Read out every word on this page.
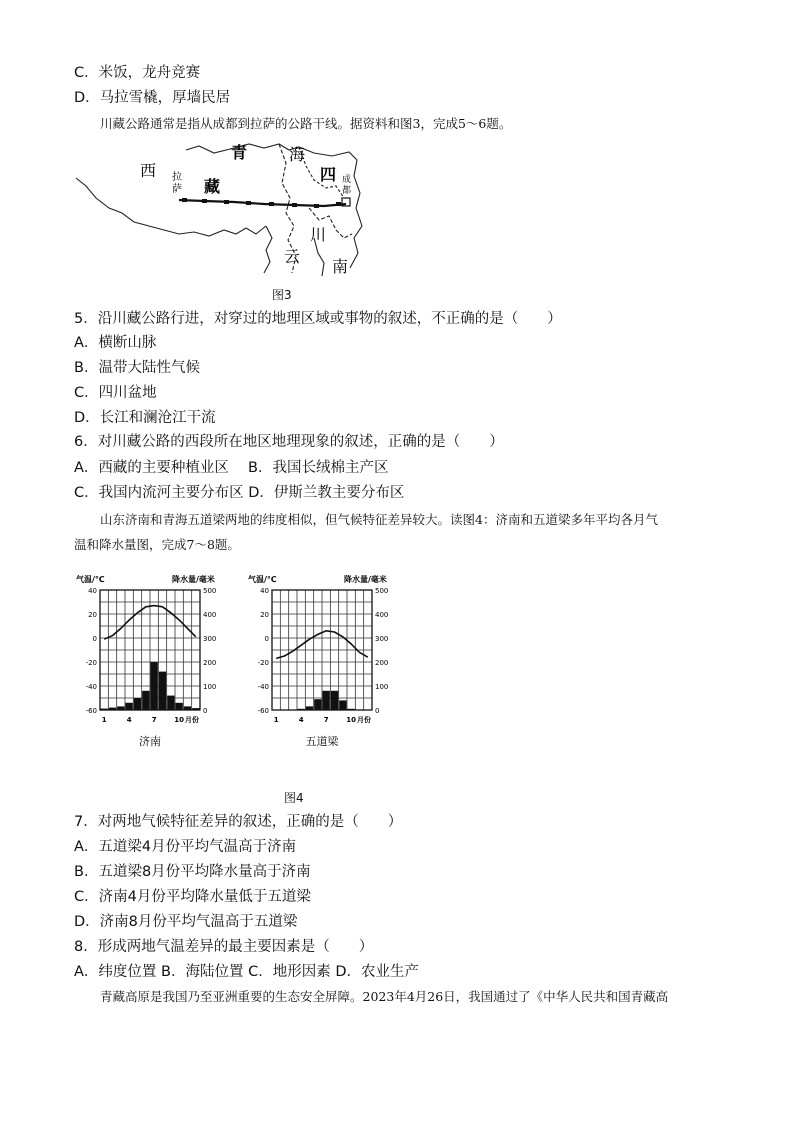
C．米饭，龙舟竞赛
D．马拉雪橇，厚墙民居
川藏公路通常是指从成都到拉萨的公路干线。据资料和图3，完成5～6题。
西
青	海
四
拉
萨 藏	成
都
川
云
南
图3
5．沿川藏公路行进，对穿过的地理区域或事物的叙述，不正确的是（　　）
A．横断山脉
B．温带大陆性气候
C．四川盆地
D．长江和澜沧江干流
6．对川藏公路的西段所在地区地理现象的叙述，正确的是（　　）
A．西藏的主要种植业区　 B．我国长绒棉主产区
C．我国内流河主要分布区 D．伊斯兰教主要分布区
山东济南和青海五道梁两地的纬度相似，但气候特征差异较大。读图4：济南和五道梁多年平均各月气
温和降水量图，完成7～8题。
气温/℃	降水量/毫米
40
20
0
-20
-40
-60
500
400
300
200
100
0
1	4	7	10 月份
济南
气温/℃	降水量/毫米
40
20
0
-20
-40
-60
500
400
300
200
100
0
1	4	7	10 月份
五道梁
图4
7．对两地气候特征差异的叙述，正确的是（　　）
A．五道梁4月份平均气温高于济南
B．五道梁8月份平均降水量高于济南
C．济南4月份平均降水量低于五道梁
D．济南8月份平均气温高于五道梁
8．形成两地气温差异的最主要因素是（　　）
A．纬度位置 B．海陆位置 C．地形因素 D．农业生产
青藏高原是我国乃至亚洲重要的生态安全屏障。2023年4月26日，我国通过了《中华人民共和国青藏高
